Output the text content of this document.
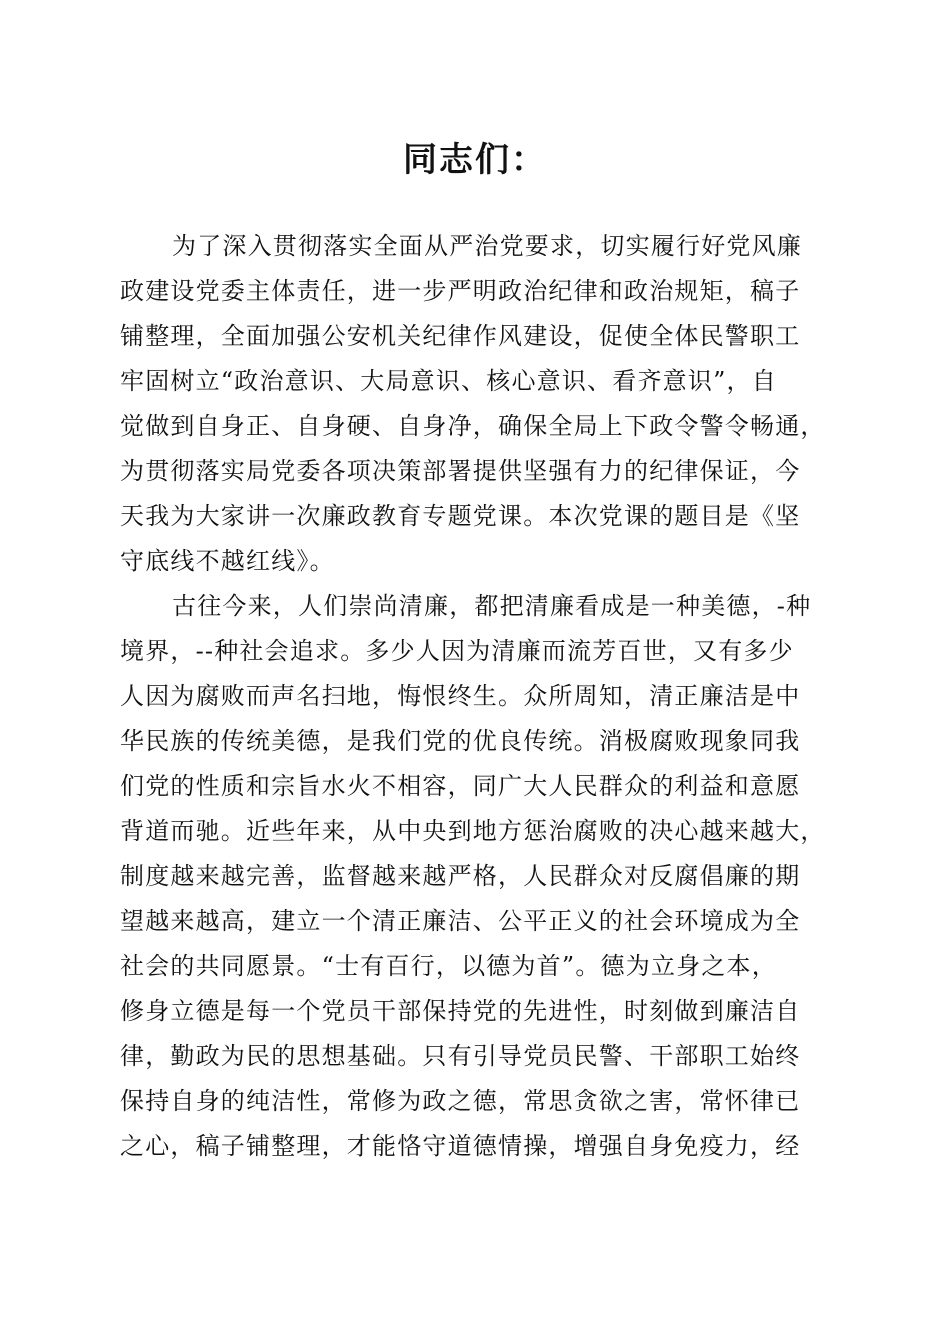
同志们：
为了深入贯彻落实全面从严治党要求，切实履行好党风廉
政建设党委主体责任，进一步严明政治纪律和政治规矩，稿子
铺整理，全面加强公安机关纪律作风建设，促使全体民警职工
牢固树立“政治意识、大局意识、核心意识、看齐意识”，自
觉做到自身正、自身硬、自身净，确保全局上下政令警令畅通，
为贯彻落实局党委各项决策部署提供坚强有力的纪律保证，今
天我为大家讲一次廉政教育专题党课。本次党课的题目是《坚
守底线不越红线》。
古往今来，人们崇尚清廉，都把清廉看成是一种美德，-种
境界，--种社会追求。多少人因为清廉而流芳百世，又有多少
人因为腐败而声名扫地，悔恨终生。众所周知，清正廉洁是中
华民族的传统美德，是我们党的优良传统。消极腐败现象同我
们党的性质和宗旨水火不相容，同广大人民群众的利益和意愿
背道而驰。近些年来，从中央到地方惩治腐败的决心越来越大，
制度越来越完善，监督越来越严格，人民群众对反腐倡廉的期
望越来越高，建立一个清正廉洁、公平正义的社会环境成为全
社会的共同愿景。“士有百行，以德为首”。德为立身之本，
修身立德是每一个党员干部保持党的先进性，时刻做到廉洁自
律，勤政为民的思想基础。只有引导党员民警、干部职工始终
保持自身的纯洁性，常修为政之德，常思贪欲之害，常怀律已
之心，稿子铺整理，才能恪守道德情操，增强自身免疫力，经
